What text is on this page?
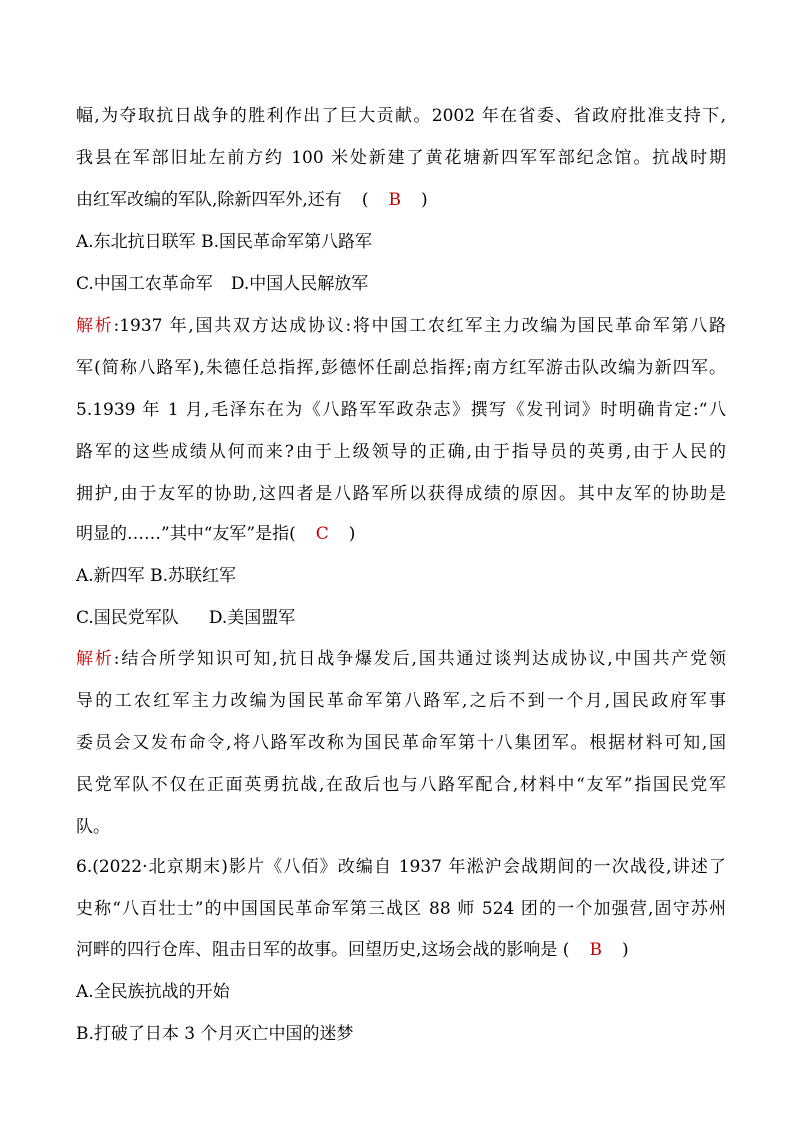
幅,为夺取抗日战争的胜利作出了巨大贡献。2002 年在省委、省政府批准支持下,
我县在军部旧址左前方约 100 米处新建了黄花塘新四军军部纪念馆。抗战时期
由红军改编的军队,除新四军外,还有 ( B )
A.东北抗日联军 B.国民革命军第八路军
C.中国工农革命军 D.中国人民解放军
解析:1937 年,国共双方达成协议:将中国工农红军主力改编为国民革命军第八路
军(简称八路军),朱德任总指挥,彭德怀任副总指挥;南方红军游击队改编为新四军。
5.1939 年 1 月,毛泽东在为《八路军军政杂志》撰写《发刊词》时明确肯定:“八
路军的这些成绩从何而来?由于上级领导的正确,由于指导员的英勇,由于人民的
拥护,由于友军的协助,这四者是八路军所以获得成绩的原因。其中友军的协助是
明显的……”其中“友军”是指( C )
A.新四军 B.苏联红军
C.国民党军队 D.美国盟军
解析:结合所学知识可知,抗日战争爆发后,国共通过谈判达成协议,中国共产党领
导的工农红军主力改编为国民革命军第八路军,之后不到一个月,国民政府军事
委员会又发布命令,将八路军改称为国民革命军第十八集团军。根据材料可知,国
民党军队不仅在正面英勇抗战,在敌后也与八路军配合,材料中“友军”指国民党军
队。
6.(2022·北京期末)影片《八佰》改编自 1937 年淞沪会战期间的一次战役,讲述了
史称“八百壮士”的中国国民革命军第三战区 88 师 524 团的一个加强营,固守苏州
河畔的四行仓库、阻击日军的故事。回望历史,这场会战的影响是 ( B )
A.全民族抗战的开始
B.打破了日本 3 个月灭亡中国的迷梦
